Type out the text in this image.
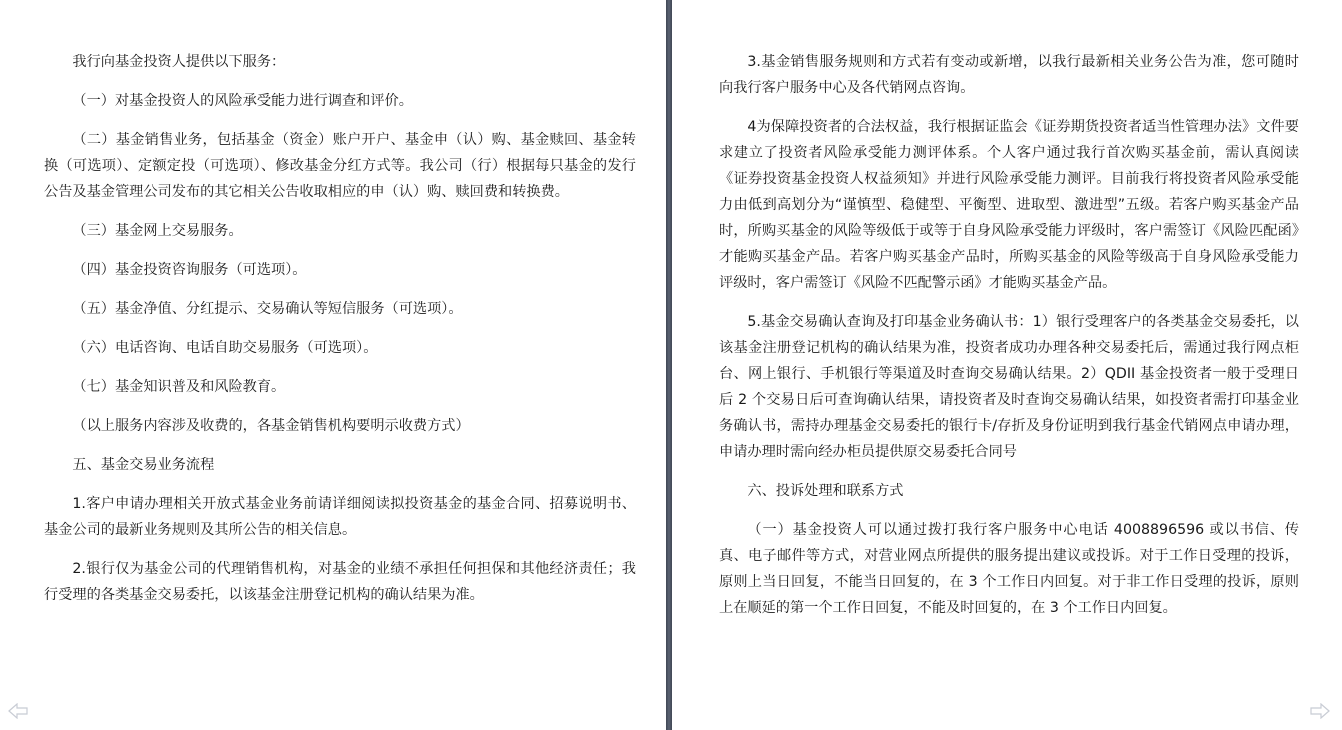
我行向基金投资人提供以下服务：

（一）对基金投资人的风险承受能力进行调查和评价。

（二）基金销售业务，包括基金（资金）账户开户、基金申（认）购、基金赎回、基金转换（可选项）、定额定投（可选项）、修改基金分红方式等。我公司（行）根据每只基金的发行公告及基金管理公司发布的其它相关公告收取相应的申（认）购、赎回费和转换费。

（三）基金网上交易服务。

（四）基金投资咨询服务（可选项）。

（五）基金净值、分红提示、交易确认等短信服务（可选项）。

（六）电话咨询、电话自助交易服务（可选项）。

（七）基金知识普及和风险教育。

（以上服务内容涉及收费的，各基金销售机构要明示收费方式）

五、基金交易业务流程

1.客户申请办理相关开放式基金业务前请详细阅读拟投资基金的基金合同、招募说明书、基金公司的最新业务规则及其所公告的相关信息。

2.银行仅为基金公司的代理销售机构，对基金的业绩不承担任何担保和其他经济责任；我行受理的各类基金交易委托，以该基金注册登记机构的确认结果为准。

3.基金销售服务规则和方式若有变动或新增，以我行最新相关业务公告为准，您可随时向我行客户服务中心及各代销网点咨询。

4为保障投资者的合法权益，我行根据证监会《证券期货投资者适当性管理办法》文件要求建立了投资者风险承受能力测评体系。个人客户通过我行首次购买基金前，需认真阅读《证券投资基金投资人权益须知》并进行风险承受能力测评。目前我行将投资者风险承受能力由低到高划分为“谨慎型、稳健型、平衡型、进取型、激进型”五级。若客户购买基金产品时，所购买基金的风险等级低于或等于自身风险承受能力评级时，客户需签订《风险匹配函》才能购买基金产品。若客户购买基金产品时，所购买基金的风险等级高于自身风险承受能力评级时，客户需签订《风险不匹配警示函》才能购买基金产品。

5.基金交易确认查询及打印基金业务确认书：1）银行受理客户的各类基金交易委托，以该基金注册登记机构的确认结果为准，投资者成功办理各种交易委托后，需通过我行网点柜台、网上银行、手机银行等渠道及时查询交易确认结果。2）QDII 基金投资者一般于受理日后 2 个交易日后可查询确认结果，请投资者及时查询交易确认结果，如投资者需打印基金业务确认书，需持办理基金交易委托的银行卡/存折及身份证明到我行基金代销网点申请办理，申请办理时需向经办柜员提供原交易委托合同号

六、投诉处理和联系方式

（一）基金投资人可以通过拨打我行客户服务中心电话 4008896596 或以书信、传真、电子邮件等方式，对营业网点所提供的服务提出建议或投诉。对于工作日受理的投诉，原则上当日回复，不能当日回复的，在 3 个工作日内回复。对于非工作日受理的投诉，原则上在顺延的第一个工作日回复，不能及时回复的，在 3 个工作日内回复。
